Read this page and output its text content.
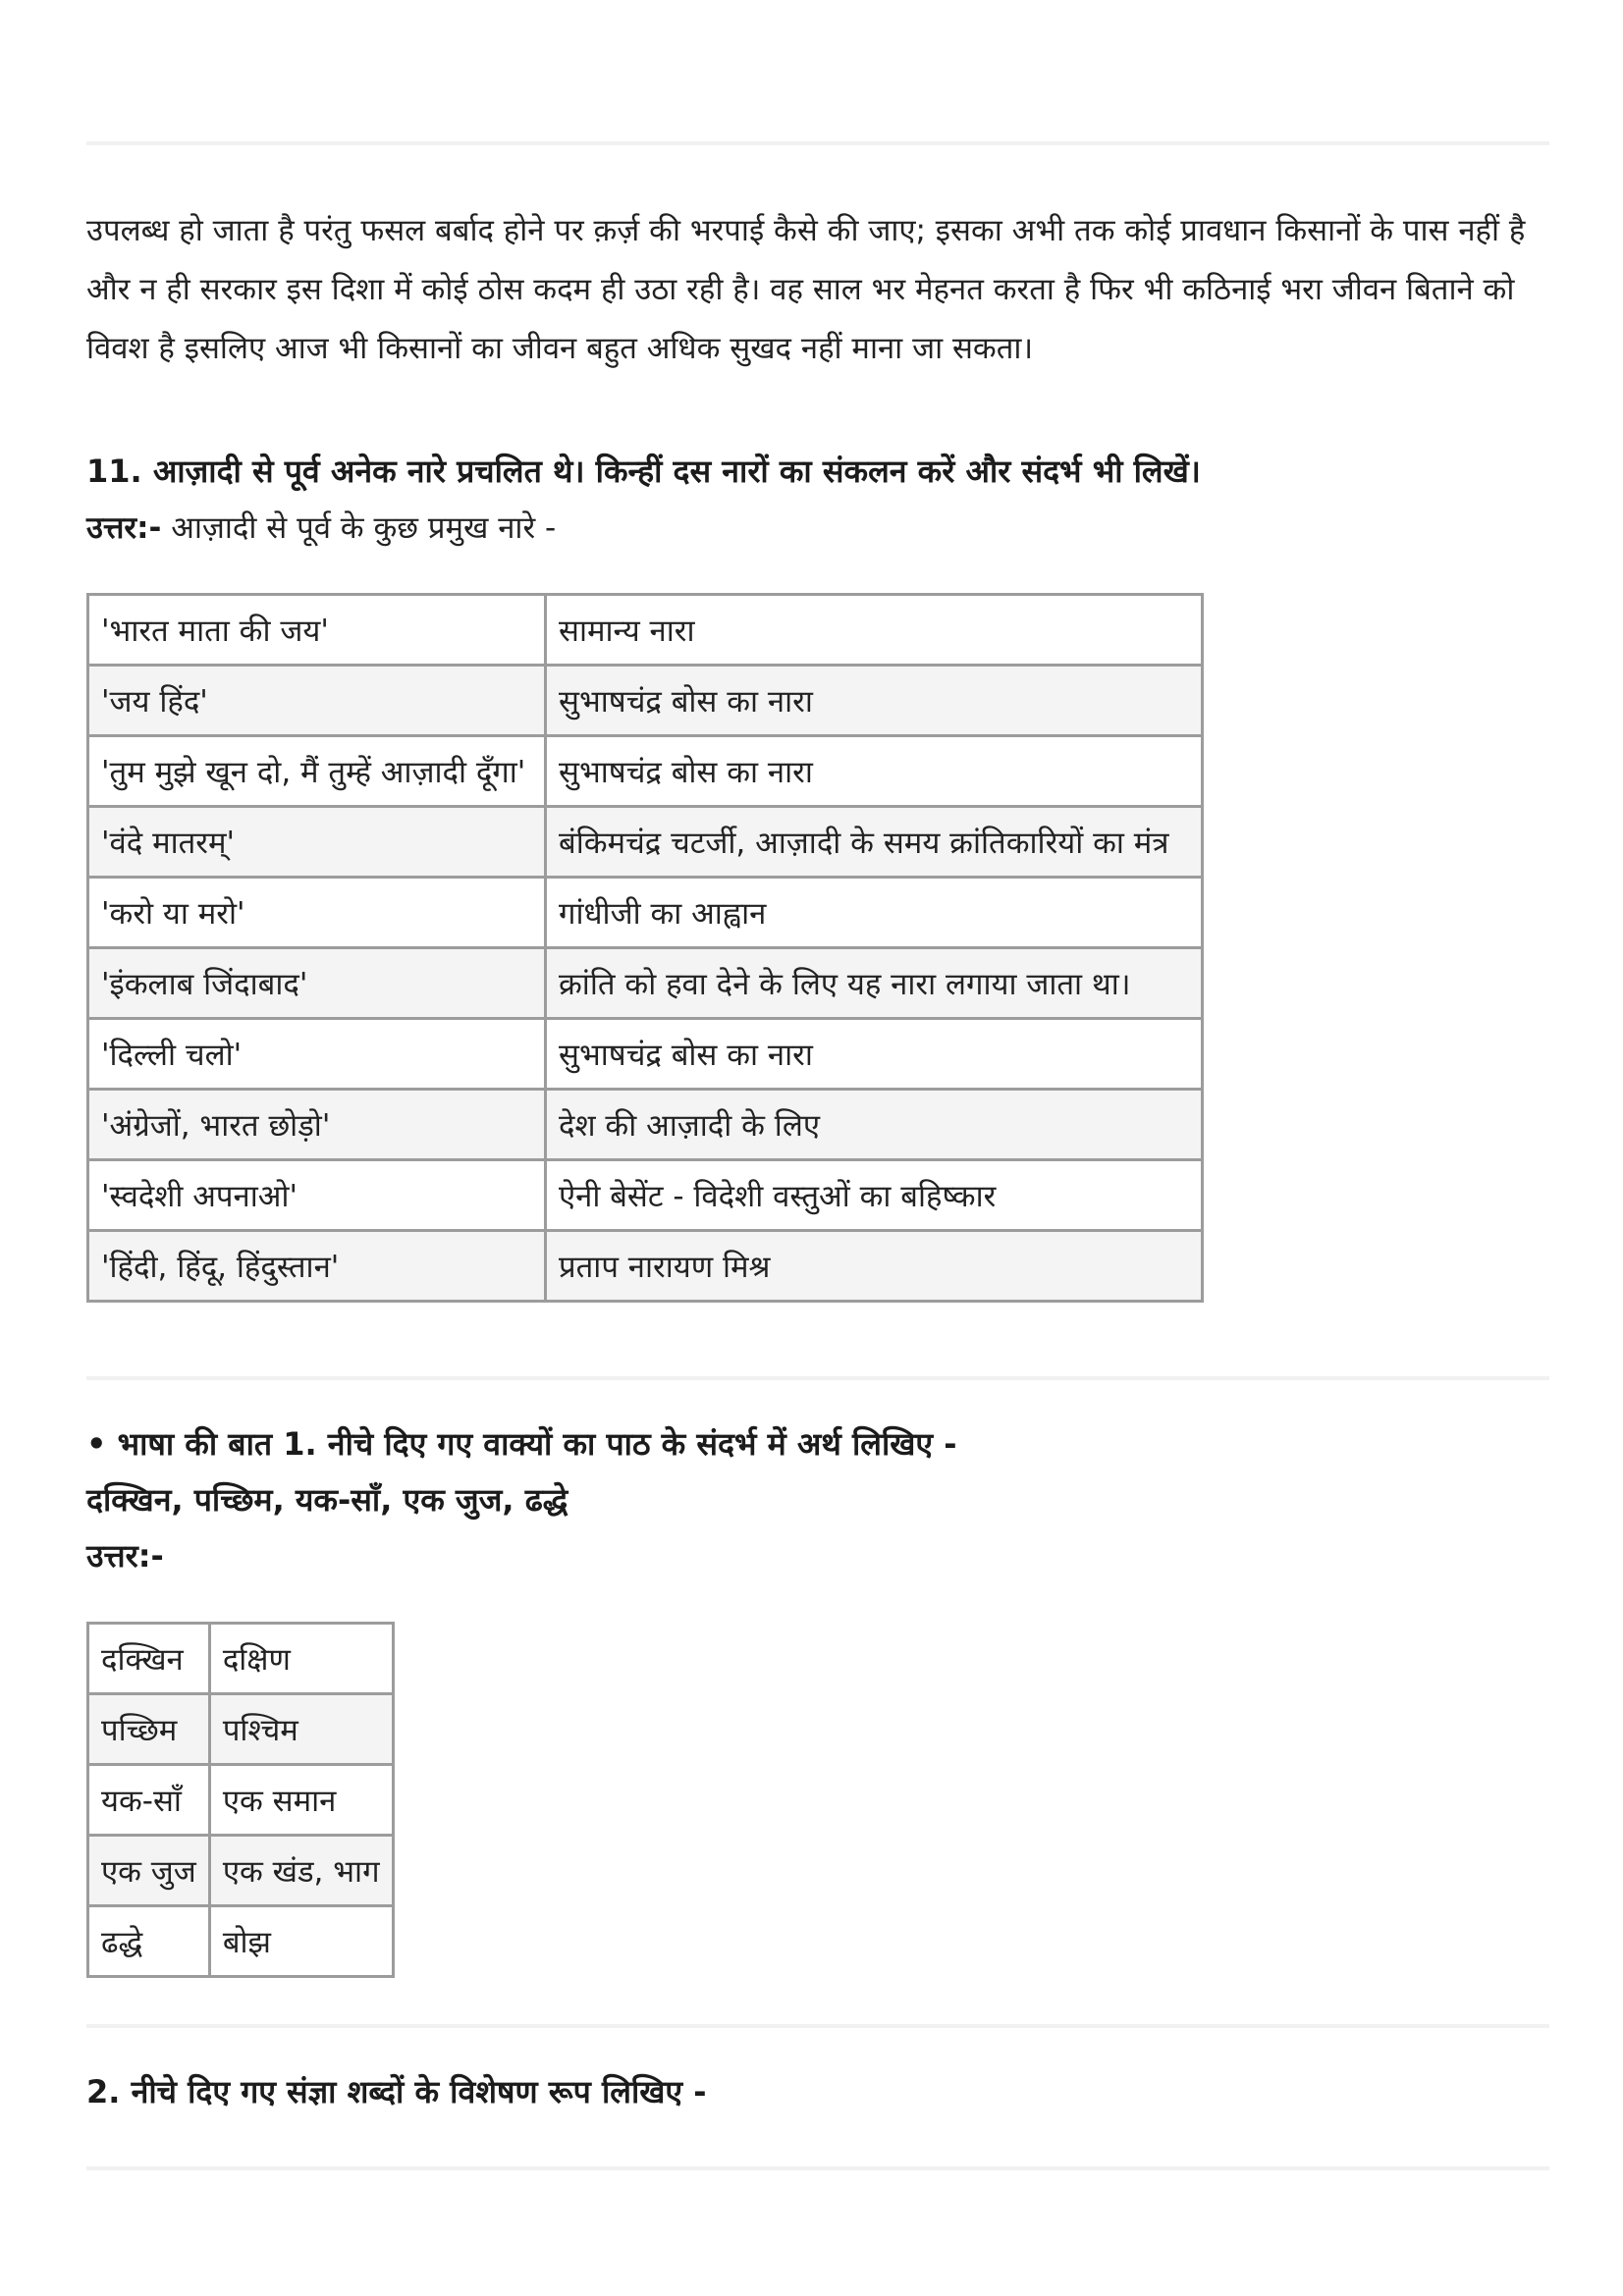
उपलब्ध हो जाता है परंतु फसल बर्बाद होने पर क़र्ज़ की भरपाई कैसे की जाए; इसका अभी तक कोई प्रावधान किसानों के पास नहीं है और न ही सरकार इस दिशा में कोई ठोस कदम ही उठा रही है। वह साल भर मेहनत करता है फिर भी कठिनाई भरा जीवन बिताने को विवश है इसलिए आज भी किसानों का जीवन बहुत अधिक सुखद नहीं माना जा सकता।

11. आज़ादी से पूर्व अनेक नारे प्रचलित थे। किन्हीं दस नारों का संकलन करें और संदर्भ भी लिखें।

उत्तर:- आज़ादी से पूर्व के कुछ प्रमुख नारे -

'भारत माता की जय'	सामान्य नारा
'जय हिंद'	सुभाषचंद्र बोस का नारा
'तुम मुझे खून दो, मैं तुम्हें आज़ादी दूँगा'	सुभाषचंद्र बोस का नारा
'वंदे मातरम्'	बंकिमचंद्र चटर्जी, आज़ादी के समय क्रांतिकारियों का मंत्र
'करो या मरो'	गांधीजी का आह्वान
'इंकलाब जिंदाबाद'	क्रांति को हवा देने के लिए यह नारा लगाया जाता था।
'दिल्ली चलो'	सुभाषचंद्र बोस का नारा
'अंग्रेजों, भारत छोड़ो'	देश की आज़ादी के लिए
'स्वदेशी अपनाओ'	ऐनी बेसेंट - विदेशी वस्तुओं का बहिष्कार
'हिंदी, हिंदू, हिंदुस्तान'	प्रताप नारायण मिश्र

• भाषा की बात 1. नीचे दिए गए वाक्यों का पाठ के संदर्भ में अर्थ लिखिए -

दक्खिन, पच्छिम, यक-साँ, एक जुज, ढद्धे

उत्तर:-

दक्खिन	दक्षिण
पच्छिम	पश्चिम
यक-साँ	एक समान
एक जुज	एक खंड, भाग
ढद्धे	बोझ

2. नीचे दिए गए संज्ञा शब्दों के विशेषण रूप लिखिए -
